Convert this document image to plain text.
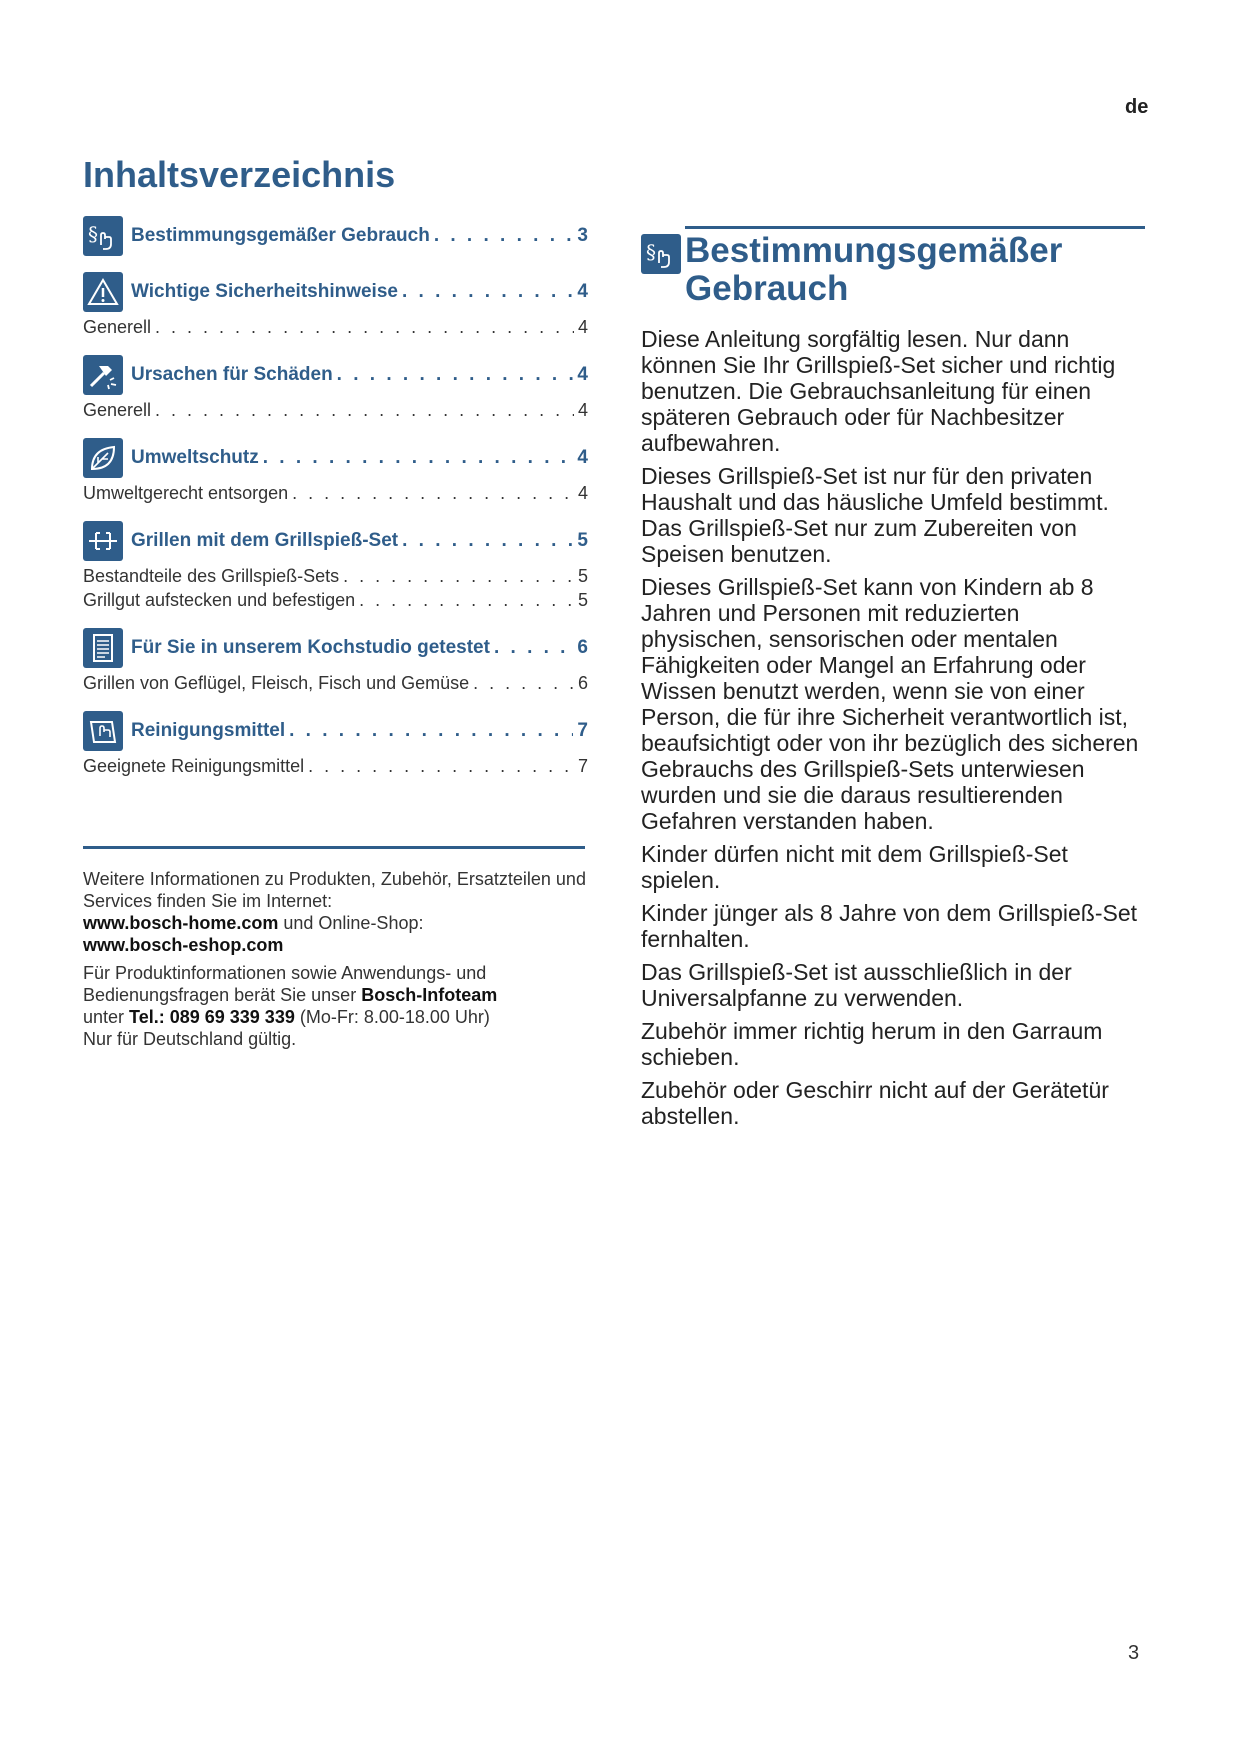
de
Inhaltsverzeichnis
§ Bestimmungsgemäßer Gebrauch . . .	3
Wichtige Sicherheitshinweise . . .	4
Generell . . .	4
Ursachen für Schäden . . .	4
Generell . . .	4
Umweltschutz . . .	4
Umweltgerecht entsorgen . . .	4
Grillen mit dem Grillspieß-Set . . .	5
Bestandteile des Grillspieß-Sets . . .	5
Grillgut aufstecken und befestigen . . .	5
Für Sie in unserem Kochstudio getestet . . .	6
Grillen von Geflügel, Fleisch, Fisch und Gemüse . . .	6
Reinigungsmittel . . .	7
Geeignete Reinigungsmittel . . .	7

Weitere Informationen zu Produkten, Zubehör, Ersatzteilen und Services finden Sie im Internet:
www.bosch-home.com und Online-Shop:
www.bosch-eshop.com

Für Produktinformationen sowie Anwendungs- und Bedienungsfragen berät Sie unser Bosch-Infoteam
unter Tel.: 089 69 339 339 (Mo-Fr: 8.00-18.00 Uhr)
Nur für Deutschland gültig.

§ Bestimmungsgemäßer Gebrauch

Diese Anleitung sorgfältig lesen. Nur dann können Sie Ihr Grillspieß-Set sicher und richtig benutzen. Die Gebrauchsanleitung für einen späteren Gebrauch oder für Nachbesitzer aufbewahren.

Dieses Grillspieß-Set ist nur für den privaten Haushalt und das häusliche Umfeld bestimmt. Das Grillspieß-Set nur zum Zubereiten von Speisen benutzen.

Dieses Grillspieß-Set kann von Kindern ab 8 Jahren und Personen mit reduzierten physischen, sensorischen oder mentalen Fähigkeiten oder Mangel an Erfahrung oder Wissen benutzt werden, wenn sie von einer Person, die für ihre Sicherheit verantwortlich ist, beaufsichtigt oder von ihr bezüglich des sicheren Gebrauchs des Grillspieß-Sets unterwiesen wurden und sie die daraus resultierenden Gefahren verstanden haben.

Kinder dürfen nicht mit dem Grillspieß-Set spielen.

Kinder jünger als 8 Jahre von dem Grillspieß-Set fernhalten.

Das Grillspieß-Set ist ausschließlich in der Universalpfanne zu verwenden.

Zubehör immer richtig herum in den Garraum schieben.

Zubehör oder Geschirr nicht auf der Gerätetür abstellen.

3
